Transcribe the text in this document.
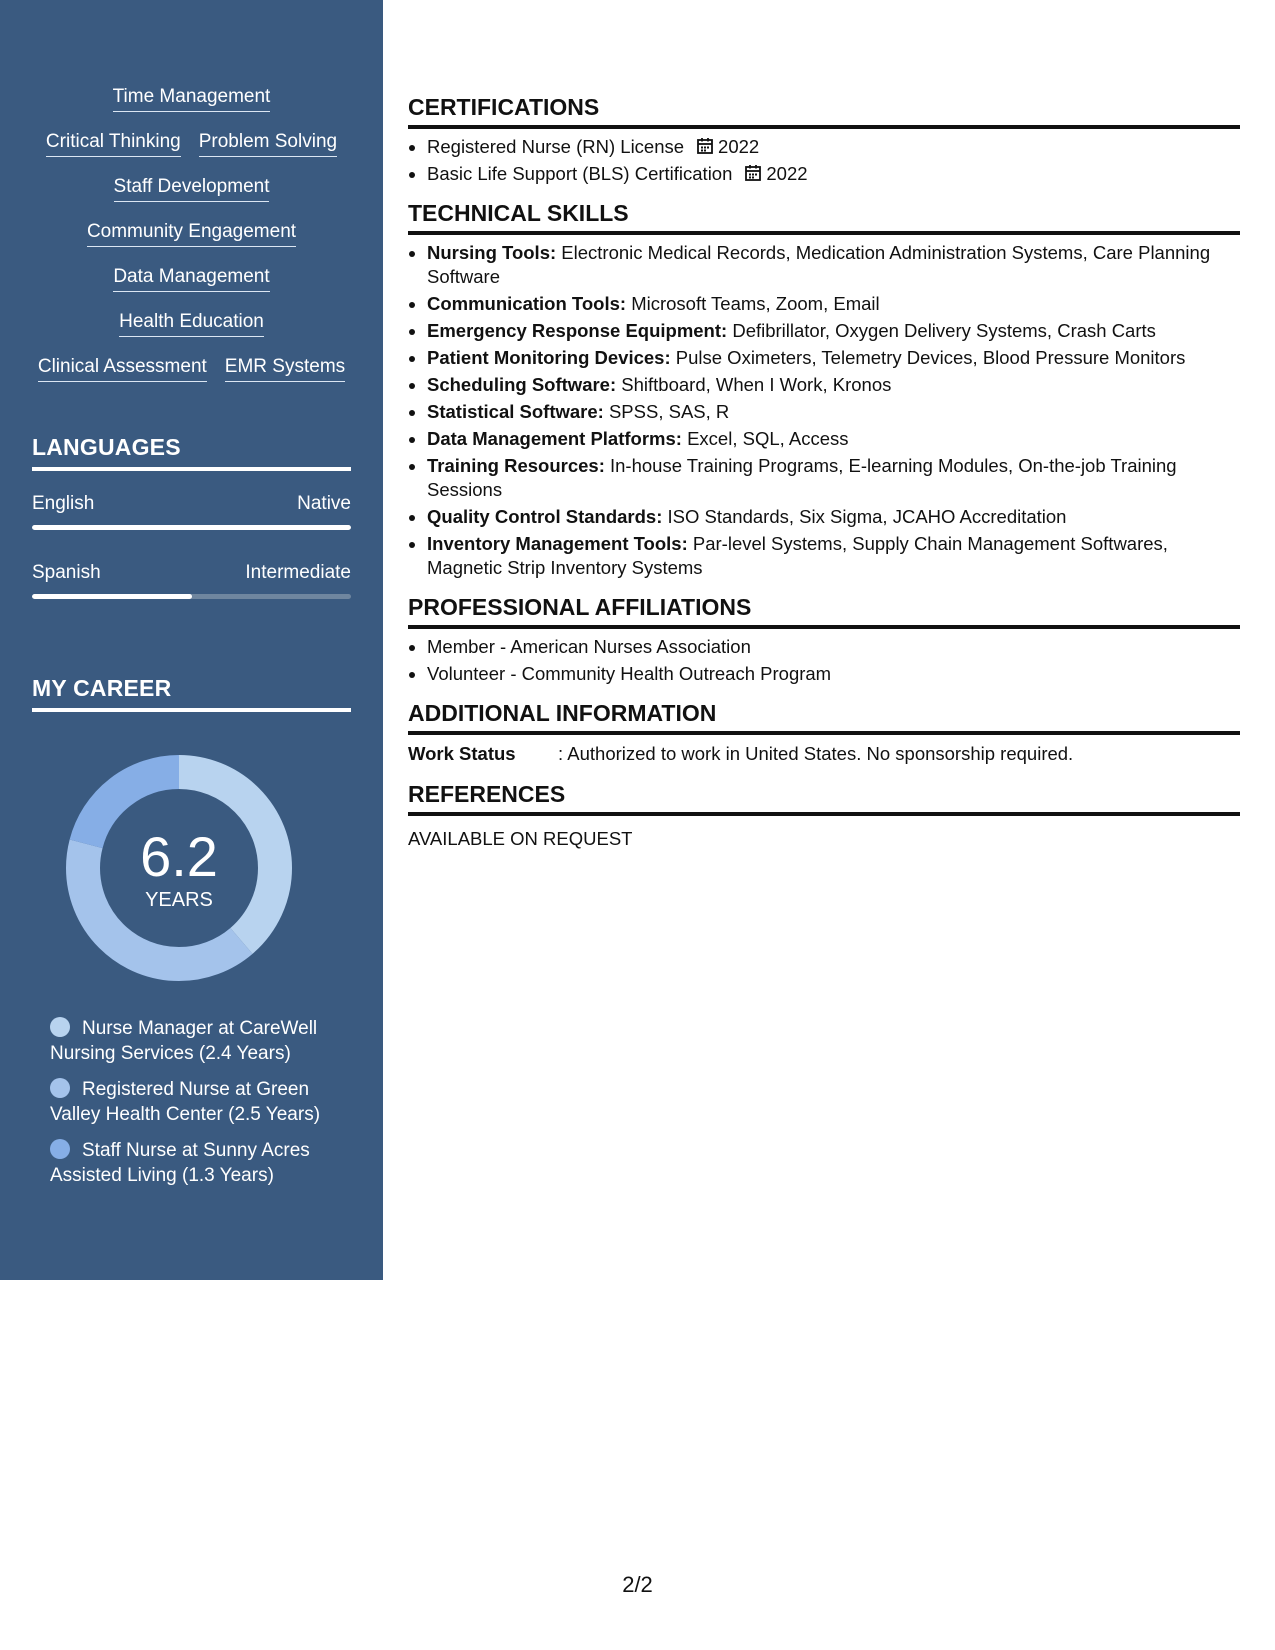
Time Management
Critical Thinking Problem Solving
Staff Development
Community Engagement
Data Management
Health Education
Clinical Assessment EMR Systems
LANGUAGES
English	Native
Spanish	Intermediate
MY CAREER
6.2
YEARS
Nurse Manager at CareWell Nursing Services (2.4 Years)
Registered Nurse at Green Valley Health Center (2.5 Years)
Staff Nurse at Sunny Acres Assisted Living (1.3 Years)
CERTIFICATIONS
• Registered Nurse (RN) License 2022
• Basic Life Support (BLS) Certification 2022
TECHNICAL SKILLS
• Nursing Tools: Electronic Medical Records, Medication Administration Systems, Care Planning Software
• Communication Tools: Microsoft Teams, Zoom, Email
• Emergency Response Equipment: Defibrillator, Oxygen Delivery Systems, Crash Carts
• Patient Monitoring Devices: Pulse Oximeters, Telemetry Devices, Blood Pressure Monitors
• Scheduling Software: Shiftboard, When I Work, Kronos
• Statistical Software: SPSS, SAS, R
• Data Management Platforms: Excel, SQL, Access
• Training Resources: In-house Training Programs, E-learning Modules, On-the-job Training Sessions
• Quality Control Standards: ISO Standards, Six Sigma, JCAHO Accreditation
• Inventory Management Tools: Par-level Systems, Supply Chain Management Softwares, Magnetic Strip Inventory Systems
PROFESSIONAL AFFILIATIONS
• Member - American Nurses Association
• Volunteer - Community Health Outreach Program
ADDITIONAL INFORMATION
Work Status	: Authorized to work in United States. No sponsorship required.
REFERENCES

AVAILABLE ON REQUEST

2/2
